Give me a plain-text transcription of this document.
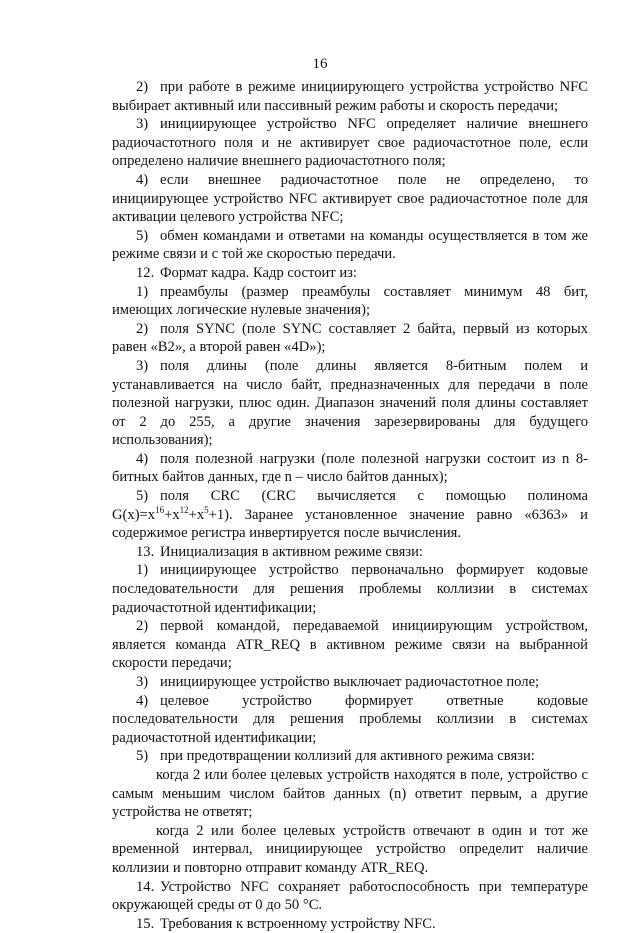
16

2) при работе в режиме инициирующего устройства устройство NFC выбирает активный или пассивный режим работы и скорость передачи;

3) инициирующее устройство NFC определяет наличие внешнего радиочастотного поля и не активирует свое радиочастотное поле, если определено наличие внешнего радиочастотного поля;

4) если внешнее радиочастотное поле не определено, то инициирующее устройство NFC активирует свое радиочастотное поле для активации целевого устройства NFC;

5) обмен командами и ответами на команды осуществляется в том же режиме связи и с той же скоростью передачи.

12. Формат кадра. Кадр состоит из:

1) преамбулы (размер преамбулы составляет минимум 48 бит, имеющих логические нулевые значения);

2) поля SYNC (поле SYNC составляет 2 байта, первый из которых равен «B2», а второй равен «4D»);

3) поля длины (поле длины является 8-битным полем и устанавливается на число байт, предназначенных для передачи в поле полезной нагрузки, плюс один. Диапазон значений поля длины составляет от 2 до 255, а другие значения зарезервированы для будущего использования);

4) поля полезной нагрузки (поле полезной нагрузки состоит из n 8-битных байтов данных, где n – число байтов данных);

5) поля CRC (CRC вычисляется с помощью полинома $G(x)=x^{16}+x^{12}+x^5+1$). Заранее установленное значение равно «6363» и содержимое регистра инвертируется после вычисления.

13. Инициализация в активном режиме связи:

1) инициирующее устройство первоначально формирует кодовые последовательности для решения проблемы коллизии в системах радиочастотной идентификации;

2) первой командой, передаваемой инициирующим устройством, является команда ATR_REQ в активном режиме связи на выбранной скорости передачи;

3) инициирующее устройство выключает радиочастотное поле;

4) целевое устройство формирует ответные кодовые последовательности для решения проблемы коллизии в системах радиочастотной идентификации;

5) при предотвращении коллизий для активного режима связи:

когда 2 или более целевых устройств находятся в поле, устройство с самым меньшим числом байтов данных (n) ответит первым, а другие устройства не ответят;

когда 2 или более целевых устройств отвечают в один и тот же временной интервал, инициирующее устройство определит наличие коллизии и повторно отправит команду ATR_REQ.

14. Устройство NFC сохраняет работоспособность при температуре окружающей среды от 0 до 50 °C.

15. Требования к встроенному устройству NFC.
